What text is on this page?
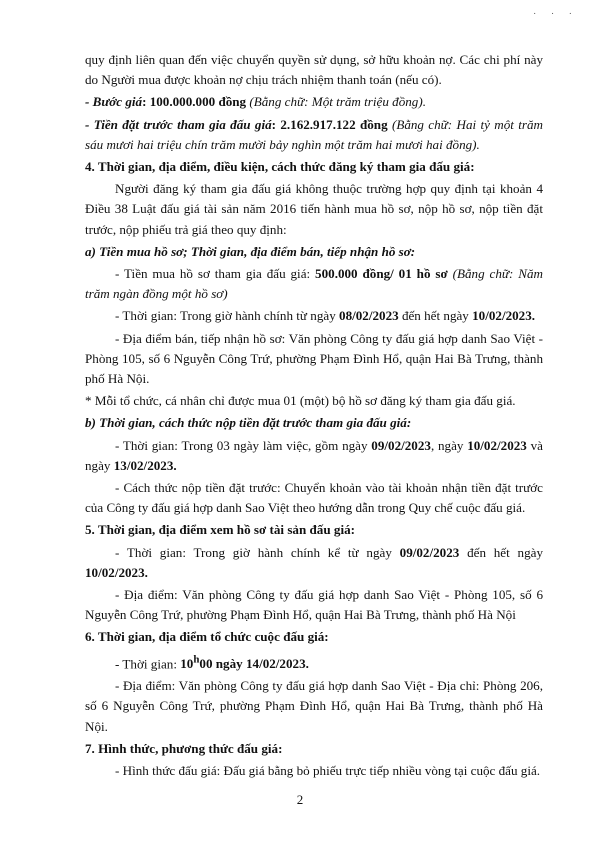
˙ ˙ ˙

quy định liên quan đến việc chuyển quyền sử dụng, sở hữu khoản nợ. Các chi phí này do Người mua được khoản nợ chịu trách nhiệm thanh toán (nếu có).

- Bước giá: 100.000.000 đồng (Bằng chữ: Một trăm triệu đồng).

- Tiền đặt trước tham gia đấu giá: 2.162.917.122 đồng (Bằng chữ: Hai tỷ một trăm sáu mươi hai triệu chín trăm mười bảy nghìn một trăm hai mươi hai đồng).

4. Thời gian, địa điểm, điều kiện, cách thức đăng ký tham gia đấu giá:

Người đăng ký tham gia đấu giá không thuộc trường hợp quy định tại khoản 4 Điều 38 Luật đấu giá tài sản năm 2016 tiến hành mua hồ sơ, nộp hồ sơ, nộp tiền đặt trước, nộp phiếu trả giá theo quy định:

a) Tiền mua hồ sơ; Thời gian, địa điểm bán, tiếp nhận hồ sơ:

- Tiền mua hồ sơ tham gia đấu giá: 500.000 đồng/ 01 hồ sơ (Bằng chữ: Năm trăm ngàn đồng một hồ sơ)

- Thời gian: Trong giờ hành chính từ ngày 08/02/2023 đến hết ngày 10/02/2023.

- Địa điểm bán, tiếp nhận hồ sơ: Văn phòng Công ty đấu giá hợp danh Sao Việt - Phòng 105, số 6 Nguyễn Công Trứ, phường Phạm Đình Hổ, quận Hai Bà Trưng, thành phố Hà Nội.

* Mỗi tổ chức, cá nhân chỉ được mua 01 (một) bộ hồ sơ đăng ký tham gia đấu giá.

b) Thời gian, cách thức nộp tiền đặt trước tham gia đấu giá:

- Thời gian: Trong 03 ngày làm việc, gồm ngày 09/02/2023, ngày 10/02/2023 và ngày 13/02/2023.

- Cách thức nộp tiền đặt trước: Chuyển khoản vào tài khoản nhận tiền đặt trước của Công ty đấu giá hợp danh Sao Việt theo hướng dẫn trong Quy chế cuộc đấu giá.

5. Thời gian, địa điểm xem hồ sơ tài sản đấu giá:

- Thời gian: Trong giờ hành chính kể từ ngày 09/02/2023 đến hết ngày 10/02/2023.

- Địa điểm: Văn phòng Công ty đấu giá hợp danh Sao Việt - Phòng 105, số 6 Nguyễn Công Trứ, phường Phạm Đình Hổ, quận Hai Bà Trưng, thành phố Hà Nội

6. Thời gian, địa điểm tổ chức cuộc đấu giá:

- Thời gian: 10$^h$00 ngày 14/02/2023.

- Địa điểm: Văn phòng Công ty đấu giá hợp danh Sao Việt - Địa chỉ: Phòng 206, số 6 Nguyễn Công Trứ, phường Phạm Đình Hổ, quận Hai Bà Trưng, thành phố Hà Nội.

7. Hình thức, phương thức đấu giá:

- Hình thức đấu giá: Đấu giá bằng bỏ phiếu trực tiếp nhiều vòng tại cuộc đấu giá.

2
